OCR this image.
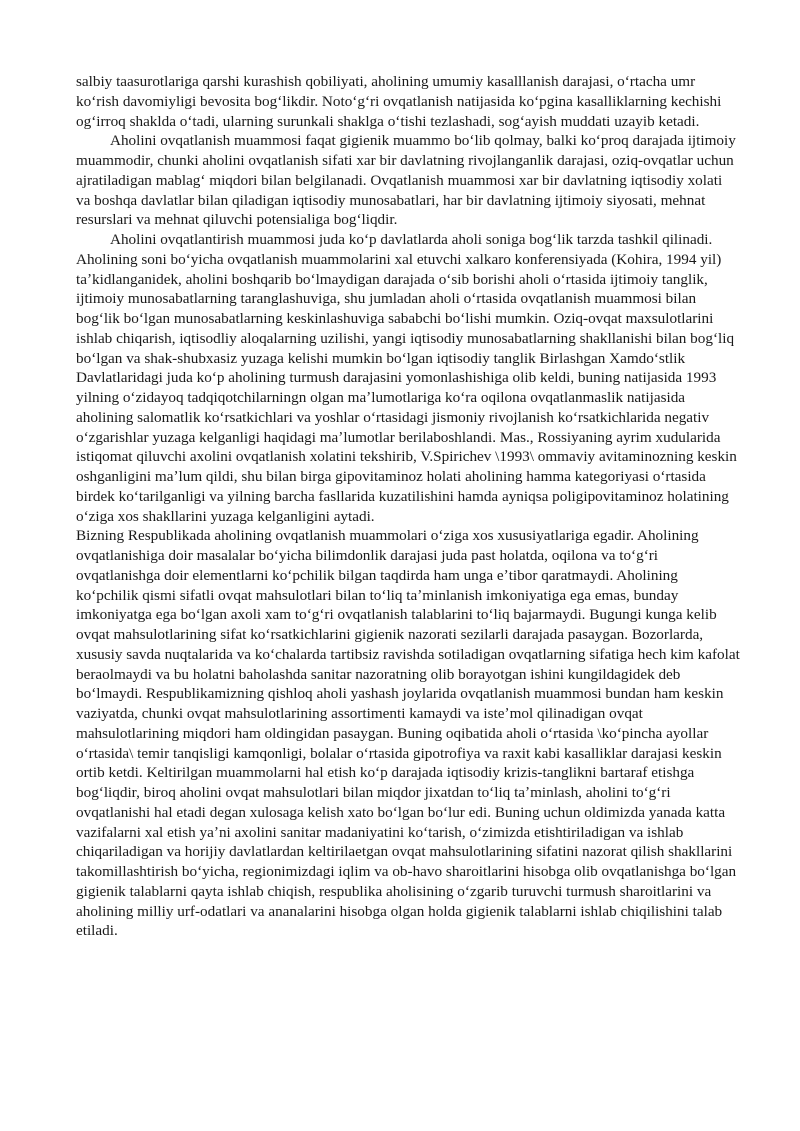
salbiy taasurotlariga qarshi kurashish qobiliyati, aholining umumiy kasalllanish darajasi, oʻrtacha umr koʻrish davomiyligi bevosita bogʻlikdir. Notoʻgʻri ovqatlanish natijasida koʻpgina kasalliklarning kechishi ogʻirroq shaklda oʻtadi, ularning surunkali shaklga oʻtishi tezlashadi, sogʻayish muddati uzayib ketadi.

Aholini ovqatlanish muammosi faqat gigienik muammo boʻlib qolmay, balki koʻproq darajada ijtimoiy muammodir, chunki aholini ovqatlanish sifati xar bir davlatning rivojlanganlik darajasi, oziq-ovqatlar uchun ajratiladigan mablagʻ miqdori bilan belgilanadi. Ovqatlanish muammosi xar bir davlatning iqtisodiy xolati va boshqa davlatlar bilan qiladigan iqtisodiy munosabatlari, har bir davlatning ijtimoiy siyosati, mehnat resurslari va mehnat qiluvchi potensialiga bogʻliqdir.

Aholini ovqatlantirish muammosi juda koʻp davlatlarda aholi soniga bogʻlik tarzda tashkil qilinadi. Aholining soni boʻyicha ovqatlanish muammolarini xal etuvchi xalkaro konferensiyada (Kohira, 1994 yil) taʼkidlanganidek, aholini boshqarib boʻlmaydigan darajada oʻsib borishi aholi oʻrtasida ijtimoiy tanglik, ijtimoiy munosabatlarning taranglashuviga, shu jumladan aholi oʻrtasida ovqatlanish muammosi bilan bogʻlik boʻlgan munosabatlarning keskinlashuviga sababchi boʻlishi mumkin. Oziq-ovqat maxsulotlarini ishlab chiqarish, iqtisodliy aloqalarning uzilishi, yangi iqtisodiy munosabatlarning shakllanishi bilan bogʻliq boʻlgan va shak-shubxasiz yuzaga kelishi mumkin boʻlgan iqtisodiy tanglik Birlashgan Xamdoʻstlik Davlatlaridagi juda koʻp aholining turmush darajasini yomonlashishiga olib keldi, buning natijasida 1993 yilning oʻzidayoq tadqiqotchilarningn olgan maʼlumotlariga koʻra oqilona ovqatlanmaslik natijasida aholining salomatlik koʻrsatkichlari va yoshlar oʻrtasidagi jismoniy rivojlanish koʻrsatkichlarida negativ oʻzgarishlar yuzaga kelganligi haqidagi maʼlumotlar berilaboshlandi. Mas., Rossiyaning ayrim xudularida istiqomat qiluvchi axolini ovqatlanish xolatini tekshirib, V.Spirichev \1993\ ommaviy avitaminozning keskin oshganligini maʼlum qildi, shu bilan birga gipovitaminoz holati aholining hamma kategoriyasi oʻrtasida birdek koʻtarilganligi va yilning barcha fasllarida kuzatilishini hamda ayniqsa poligipovitaminoz holatining oʻziga xos shakllarini yuzaga kelganligini aytadi.

Bizning Respublikada aholining ovqatlanish muammolari oʻziga xos xususiyatlariga egadir. Aholining ovqatlanishiga doir masalalar boʻyicha bilimdonlik darajasi juda past holatda, oqilona va toʻgʻri ovqatlanishga doir elementlarni koʻpchilik bilgan taqdirda ham unga eʼtibor qaratmaydi. Aholining koʻpchilik qismi sifatli ovqat mahsulotlari bilan toʻliq taʼminlanish imkoniyatiga ega emas, bunday imkoniyatga ega boʻlgan axoli xam toʻgʻri ovqatlanish talablarini toʻliq bajarmaydi. Bugungi kunga kelib ovqat mahsulotlarining sifat koʻrsatkichlarini gigienik nazorati sezilarli darajada pasaygan. Bozorlarda, xususiy savda nuqtalarida va koʻchalarda tartibsiz ravishda sotiladigan ovqatlarning sifatiga hech kim kafolat beraolmaydi va bu holatni baholashda sanitar nazoratning olib borayotgan ishini kungildagidek deb boʻlmaydi. Respublikamizning qishloq aholi yashash joylarida ovqatlanish muammosi bundan ham keskin vaziyatda, chunki ovqat mahsulotlarining assortimenti kamaydi va isteʼmol qilinadigan ovqat mahsulotlarining miqdori ham oldingidan pasaygan. Buning oqibatida aholi oʻrtasida \koʻpincha ayollar oʻrtasida\ temir tanqisligi kamqonligi, bolalar oʻrtasida gipotrofiya va raxit kabi kasalliklar darajasi keskin ortib ketdi. Keltirilgan muammolarni hal etish koʻp darajada iqtisodiy krizis-tanglikni bartaraf etishga bogʻliqdir, biroq aholini ovqat mahsulotlari bilan miqdor jixatdan toʻliq taʼminlash, aholini toʻgʻri ovqatlanishi hal etadi degan xulosaga kelish xato boʻlgan boʻlur edi. Buning uchun oldimizda yanada katta vazifalarni xal etish yaʼni axolini sanitar madaniyatini koʻtarish, oʻzimizda etishtiriladigan va ishlab chiqariladigan va horijiy davlatlardan keltirilaetgan ovqat mahsulotlarining sifatini nazorat qilish shakllarini takomillashtirish boʻyicha, regionimizdagi iqlim va ob-havo sharoitlarini hisobga olib ovqatlanishga boʻlgan gigienik talablarni qayta ishlab chiqish, respublika aholisining oʻzgarib turuvchi turmush sharoitlarini va aholining milliy urf-odatlari va ananalarini hisobga olgan holda gigienik talablarni ishlab chiqilishini talab etiladi.
